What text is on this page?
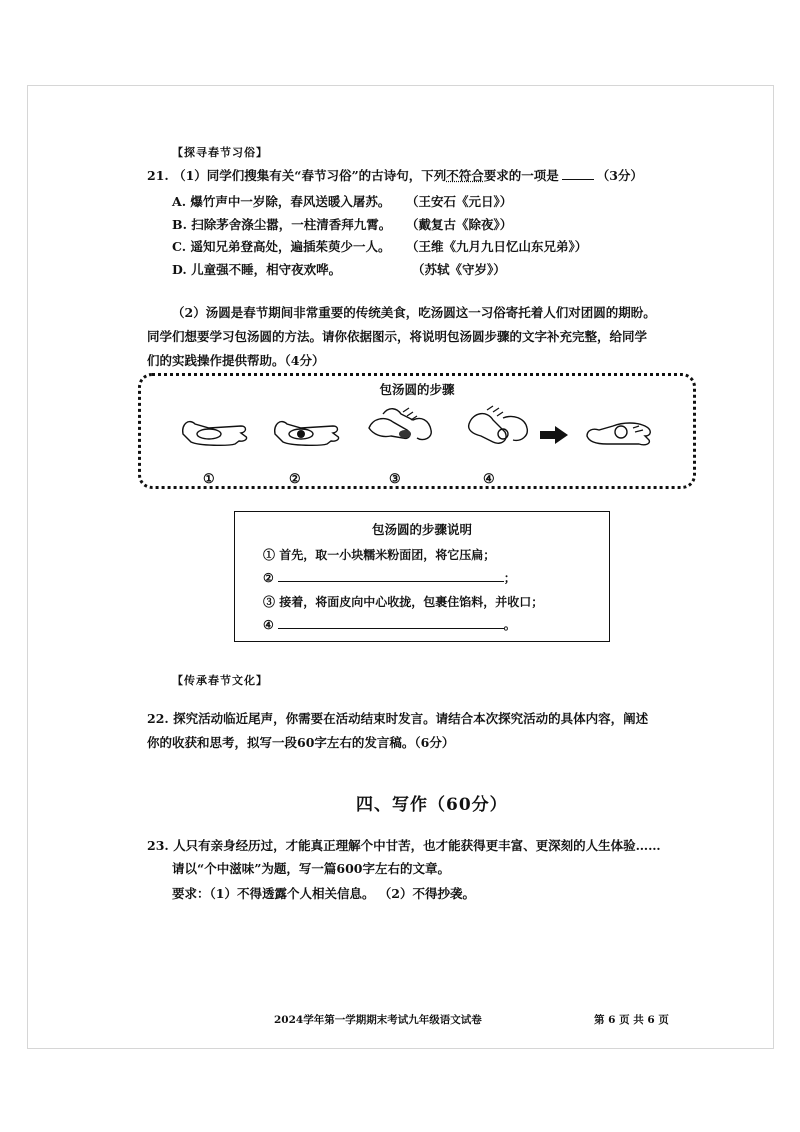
【探寻春节习俗】
21. （1）同学们搜集有关“春节习俗”的古诗句，下列不符合要求的一项是	（3分）
A. 爆竹声中一岁除，春风送暖入屠苏。 （王安石《元日》）
B. 扫除茅舍涤尘嚣，一柱清香拜九霄。 （戴复古《除夜》）
C. 遥知兄弟登高处，遍插茱萸少一人。 （王维《九月九日忆山东兄弟》）
D. 儿童强不睡，相守夜欢哗。	（苏轼《守岁》）
（2）汤圆是春节期间非常重要的传统美食，吃汤圆这一习俗寄托着人们对团圆的期盼。
同学们想要学习包汤圆的方法。请你依据图示，将说明包汤圆步骤的文字补充完整，给同学
们的实践操作提供帮助。（4分）
包汤圆的步骤
①	②	③	④
包汤圆的步骤说明
① 首先，取一小块糯米粉面团，将它压扁；
②	；
③ 接着，将面皮向中心收拢，包裹住馅料，并收口；
④	。
【传承春节文化】
22. 探究活动临近尾声，你需要在活动结束时发言。请结合本次探究活动的具体内容，阐述
你的收获和思考，拟写一段60字左右的发言稿。（6分）
四、写作（60分）
23. 人只有亲身经历过，才能真正理解个中甘苦，也才能获得更丰富、更深刻的人生体验……
请以“个中滋味”为题，写一篇600字左右的文章。
要求：（1）不得透露个人相关信息。 （2）不得抄袭。
2024学年第一学期期末考试九年级语文试卷	第 6 页 共 6 页
